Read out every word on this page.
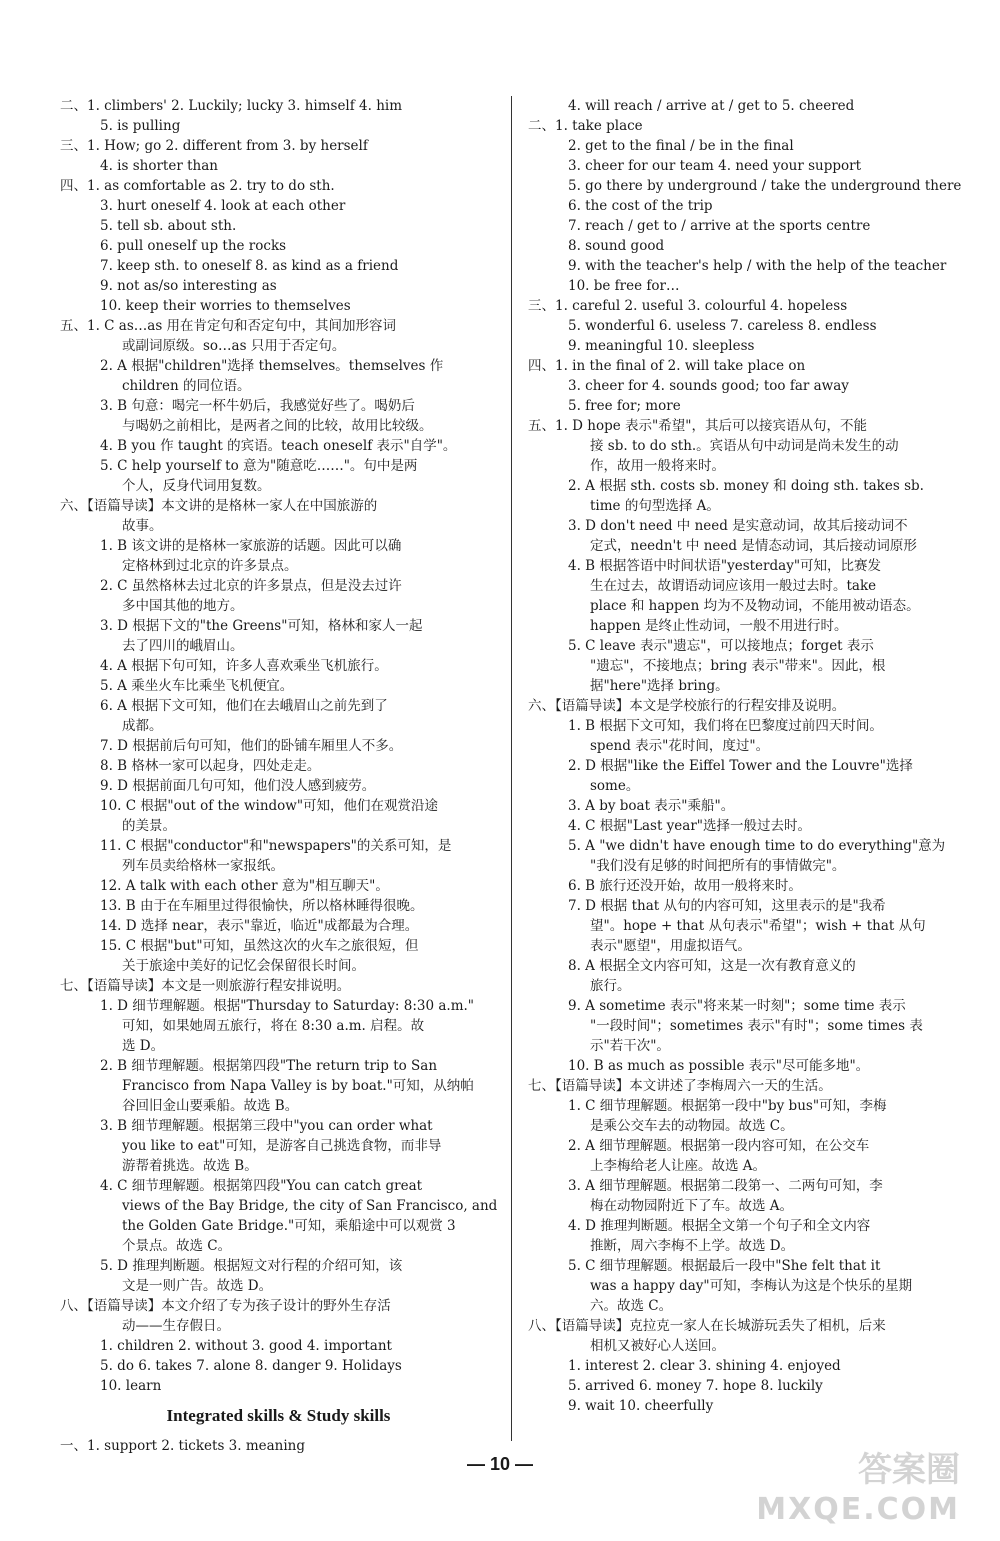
二、1. climbers' 2. Luckily; lucky 3. himself 4. him
5. is pulling
三、1. How; go 2. different from 3. by herself
4. is shorter than
四、1. as comfortable as 2. try to do sth.
3. hurt oneself 4. look at each other
5. tell sb. about sth.
6. pull oneself up the rocks
7. keep sth. to oneself 8. as kind as a friend
9. not as/so interesting as
10. keep their worries to themselves
五、1. C as…as 用在肯定句和否定句中，其间加形容词
或副词原级。so…as 只用于否定句。
2. A 根据"children"选择 themselves。themselves 作
children 的同位语。
3. B 句意：喝完一杯牛奶后，我感觉好些了。喝奶后
与喝奶之前相比，是两者之间的比较，故用比较级。
4. B you 作 taught 的宾语。teach oneself 表示"自学"。
5. C help yourself to 意为"随意吃……"。句中是两
个人，反身代词用复数。
六、【语篇导读】本文讲的是格林一家人在中国旅游的
故事。
1. B 该文讲的是格林一家旅游的话题。因此可以确
定格林到过北京的许多景点。
2. C 虽然格林去过北京的许多景点，但是没去过许
多中国其他的地方。
3. D 根据下文的"the Greens"可知，格林和家人一起
去了四川的峨眉山。
4. A 根据下句可知，许多人喜欢乘坐飞机旅行。
5. A 乘坐火车比乘坐飞机便宜。
6. A 根据下文可知，他们在去峨眉山之前先到了
成都。
7. D 根据前后句可知，他们的卧铺车厢里人不多。
8. B 格林一家可以起身，四处走走。
9. D 根据前面几句可知，他们没人感到疲劳。
10. C 根据"out of the window"可知，他们在观赏沿途
的美景。
11. C 根据"conductor"和"newspapers"的关系可知，是
列车员卖给格林一家报纸。
12. A talk with each other 意为"相互聊天"。
13. B 由于在车厢里过得很愉快，所以格林睡得很晚。
14. D 选择 near，表示"靠近，临近"成都最为合理。
15. C 根据"but"可知，虽然这次的火车之旅很短，但
关于旅途中美好的记忆会保留很长时间。
七、【语篇导读】本文是一则旅游行程安排说明。
1. D 细节理解题。根据"Thursday to Saturday: 8:30 a.m."
可知，如果她周五旅行，将在 8:30 a.m. 启程。故
选 D。
2. B 细节理解题。根据第四段"The return trip to San
Francisco from Napa Valley is by boat."可知，从纳帕
谷回旧金山要乘船。故选 B。
3. B 细节理解题。根据第三段中"you can order what
you like to eat"可知，是游客自己挑选食物，而非导
游帮着挑选。故选 B。
4. C 细节理解题。根据第四段"You can catch great
views of the Bay Bridge, the city of San Francisco, and
the Golden Gate Bridge."可知，乘船途中可以观赏 3
个景点。故选 C。
5. D 推理判断题。根据短文对行程的介绍可知，该
文是一则广告。故选 D。
八、【语篇导读】本文介绍了专为孩子设计的野外生存活
动——生存假日。
1. children 2. without 3. good 4. important
5. do 6. takes 7. alone 8. danger 9. Holidays
10. learn
Integrated skills & Study skills
一、1. support 2. tickets 3. meaning
4. will reach / arrive at / get to 5. cheered
二、1. take place
2. get to the final / be in the final
3. cheer for our team 4. need your support
5. go there by underground / take the underground there
6. the cost of the trip
7. reach / get to / arrive at the sports centre
8. sound good
9. with the teacher's help / with the help of the teacher
10. be free for…
三、1. careful 2. useful 3. colourful 4. hopeless
5. wonderful 6. useless 7. careless 8. endless
9. meaningful 10. sleepless
四、1. in the final of 2. will take place on
3. cheer for 4. sounds good; too far away
5. free for; more
五、1. D hope 表示"希望"，其后可以接宾语从句，不能
接 sb. to do sth.。宾语从句中动词是尚未发生的动
作，故用一般将来时。
2. A 根据 sth. costs sb. money 和 doing sth. takes sb.
time 的句型选择 A。
3. D don't need 中 need 是实意动词，故其后接动词不
定式，needn't 中 need 是情态动词，其后接动词原形
4. B 根据答语中时间状语"yesterday"可知，比赛发
生在过去，故谓语动词应该用一般过去时。take
place 和 happen 均为不及物动词，不能用被动语态。
happen 是终止性动词，一般不用进行时。
5. C leave 表示"遗忘"，可以接地点；forget 表示
"遗忘"，不接地点；bring 表示"带来"。因此，根
据"here"选择 bring。
六、【语篇导读】本文是学校旅行的行程安排及说明。
1. B 根据下文可知，我们将在巴黎度过前四天时间。
spend 表示"花时间，度过"。
2. D 根据"like the Eiffel Tower and the Louvre"选择
some。
3. A by boat 表示"乘船"。
4. C 根据"Last year"选择一般过去时。
5. A "we didn't have enough time to do everything"意为
"我们没有足够的时间把所有的事情做完"。
6. B 旅行还没开始，故用一般将来时。
7. D 根据 that 从句的内容可知，这里表示的是"我希
望"。hope + that 从句表示"希望"；wish + that 从句
表示"愿望"，用虚拟语气。
8. A 根据全文内容可知，这是一次有教育意义的
旅行。
9. A sometime 表示"将来某一时刻"；some time 表示
"一段时间"；sometimes 表示"有时"；some times 表
示"若干次"。
10. B as much as possible 表示"尽可能多地"。
七、【语篇导读】本文讲述了李梅周六一天的生活。
1. C 细节理解题。根据第一段中"by bus"可知，李梅
是乘公交车去的动物园。故选 C。
2. A 细节理解题。根据第一段内容可知，在公交车
上李梅给老人让座。故选 A。
3. A 细节理解题。根据第二段第一、二两句可知，李
梅在动物园附近下了车。故选 A。
4. D 推理判断题。根据全文第一个句子和全文内容
推断，周六李梅不上学。故选 D。
5. C 细节理解题。根据最后一段中"She felt that it
was a happy day"可知，李梅认为这是个快乐的星期
六。故选 C。
八、【语篇导读】克拉克一家人在长城游玩丢失了相机，后来
相机又被好心人送回。
1. interest 2. clear 3. shining 4. enjoyed
5. arrived 6. money 7. hope 8. luckily
9. wait 10. cheerfully
— 10 —	答案圈
MXQE.COM
